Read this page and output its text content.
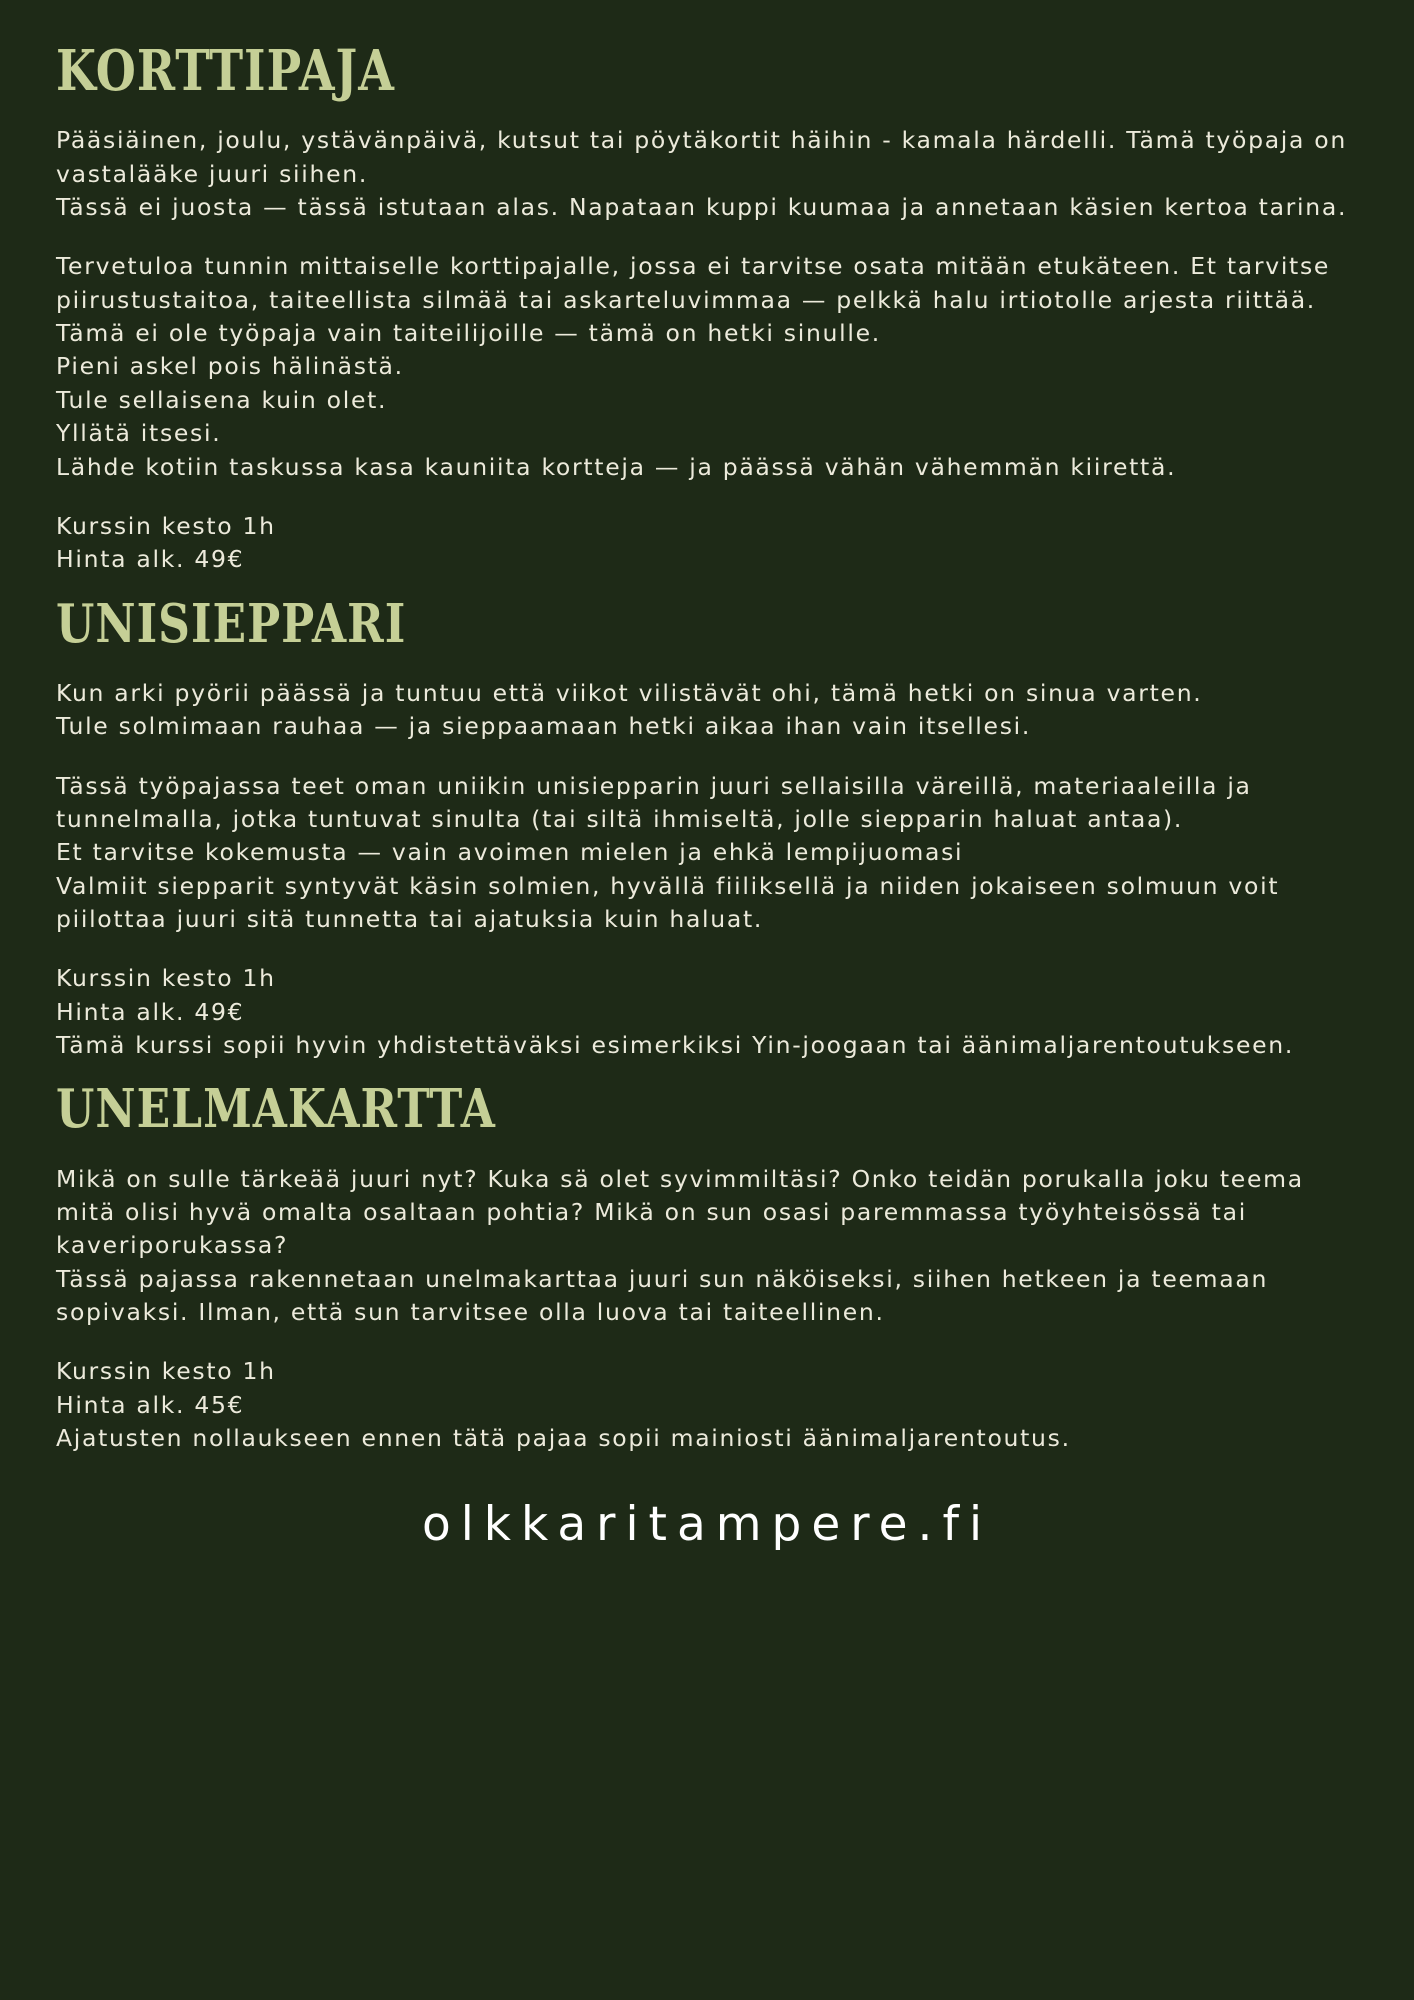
KORTTIPAJA

Pääsiäinen, joulu, ystävänpäivä, kutsut tai pöytäkortit häihin - kamala härdelli. Tämä työpaja on vastalääke juuri siihen.

Tässä ei juosta — tässä istutaan alas. Napataan kuppi kuumaa ja annetaan käsien kertoa tarina.

Tervetuloa tunnin mittaiselle korttipajalle, jossa ei tarvitse osata mitään etukäteen. Et tarvitse piirustustaitoa, taiteellista silmää tai askarteluvimmaa — pelkkä halu irtiotolle arjesta riittää.

Tämä ei ole työpaja vain taiteilijoille — tämä on hetki sinulle.

Pieni askel pois hälinästä.

Tule sellaisena kuin olet.

Yllätä itsesi.

Lähde kotiin taskussa kasa kauniita kortteja — ja päässä vähän vähemmän kiirettä.

Kurssin kesto 1h

Hinta alk. 49€

UNISIEPPARI

Kun arki pyörii päässä ja tuntuu että viikot vilistävät ohi, tämä hetki on sinua varten.

Tule solmimaan rauhaa — ja sieppaamaan hetki aikaa ihan vain itsellesi.

Tässä työpajassa teet oman uniikin unisiepparin juuri sellaisilla väreillä, materiaaleilla ja tunnelmalla, jotka tuntuvat sinulta (tai siltä ihmiseltä, jolle siepparin haluat antaa).

Et tarvitse kokemusta — vain avoimen mielen ja ehkä lempijuomasi

Valmiit siepparit syntyvät käsin solmien, hyvällä fiiliksellä ja niiden jokaiseen solmuun voit piilottaa juuri sitä tunnetta tai ajatuksia kuin haluat.

Kurssin kesto 1h

Hinta alk. 49€

Tämä kurssi sopii hyvin yhdistettäväksi esimerkiksi Yin-joogaan tai äänimaljarentoutukseen.

UNELMAKARTTA

Mikä on sulle tärkeää juuri nyt? Kuka sä olet syvimmiltäsi? Onko teidän porukalla joku teema mitä olisi hyvä omalta osaltaan pohtia? Mikä on sun osasi paremmassa työyhteisössä tai kaveriporukassa?

Tässä pajassa rakennetaan unelmakarttaa juuri sun näköiseksi, siihen hetkeen ja teemaan sopivaksi. Ilman, että sun tarvitsee olla luova tai taiteellinen.

Kurssin kesto 1h

Hinta alk. 45€

Ajatusten nollaukseen ennen tätä pajaa sopii mainiosti äänimaljarentoutus.

olkkaritampere.fi
